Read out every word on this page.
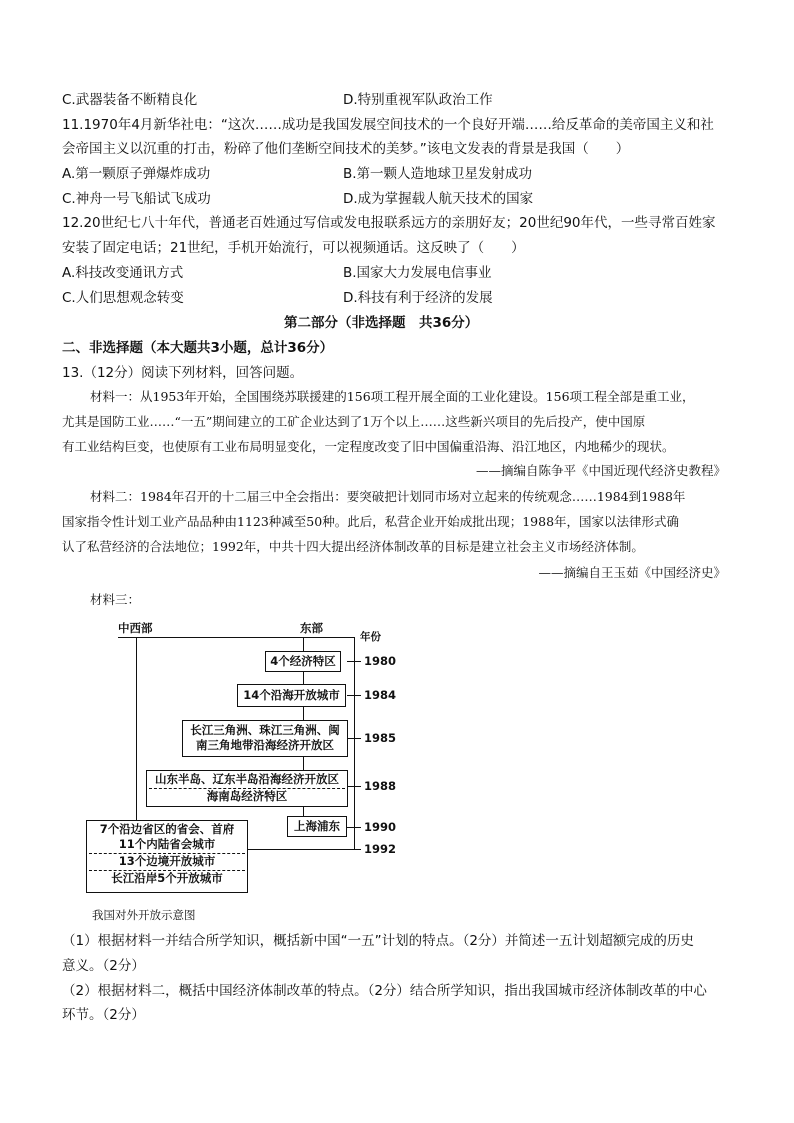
C.武器装备不断精良化	D.特别重视军队政治工作
11.1970年4月新华社电：“这次……成功是我国发展空间技术的一个良好开端……给反革命的美帝国主义和社
会帝国主义以沉重的打击，粉碎了他们垄断空间技术的美梦。”该电文发表的背景是我国（　　）
A.第一颗原子弹爆炸成功	B.第一颗人造地球卫星发射成功
C.神舟一号飞船试飞成功	D.成为掌握载人航天技术的国家
12.20世纪七八十年代，普通老百姓通过写信或发电报联系远方的亲朋好友；20世纪90年代，一些寻常百姓家
安装了固定电话；21世纪，手机开始流行，可以视频通话。这反映了（　　）
A.科技改变通讯方式	B.国家大力发展电信事业
C.人们思想观念转变	D.科技有利于经济的发展
第二部分（非选择题　共36分）
二、非选择题（本大题共3小题，总计36分）
13.（12分）阅读下列材料，回答问题。
材料一：从1953年开始，全国围绕苏联援建的156项工程开展全面的工业化建设。156项工程全部是重工业，
尤其是国防工业……“一五”期间建立的工矿企业达到了1万个以上……这些新兴项目的先后投产，使中国原
有工业结构巨变，也使原有工业布局明显变化，一定程度改变了旧中国偏重沿海、沿江地区，内地稀少的现状。
——摘编自陈争平《中国近现代经济史教程》
材料二：1984年召开的十二届三中全会指出：要突破把计划同市场对立起来的传统观念……1984到1988年
国家指令性计划工业产品品种由1123种减至50种。此后，私营企业开始成批出现；1988年，国家以法律形式确
认了私营经济的合法地位；1992年，中共十四大提出经济体制改革的目标是建立社会主义市场经济体制。
——摘编自王玉茹《中国经济史》
材料三：
中西部	东部
年份
1980
1984
1985
1988
1990
1992
4个经济特区
14个沿海开放城市
长江三角洲、珠江三角洲、闽
南三角地带沿海经济开放区
山东半岛、辽东半岛沿海经济开放区
海南岛经济特区
上海浦东
7个沿边省区的省会、首府
11个内陆省会城市
13个边境开放城市
长江沿岸5个开放城市
我国对外开放示意图
（1）根据材料一并结合所学知识，概括新中国“一五”计划的特点。（2分）并简述一五计划超额完成的历史
意义。（2分）
（2）根据材料二，概括中国经济体制改革的特点。（2分）结合所学知识，指出我国城市经济体制改革的中心
环节。（2分）
